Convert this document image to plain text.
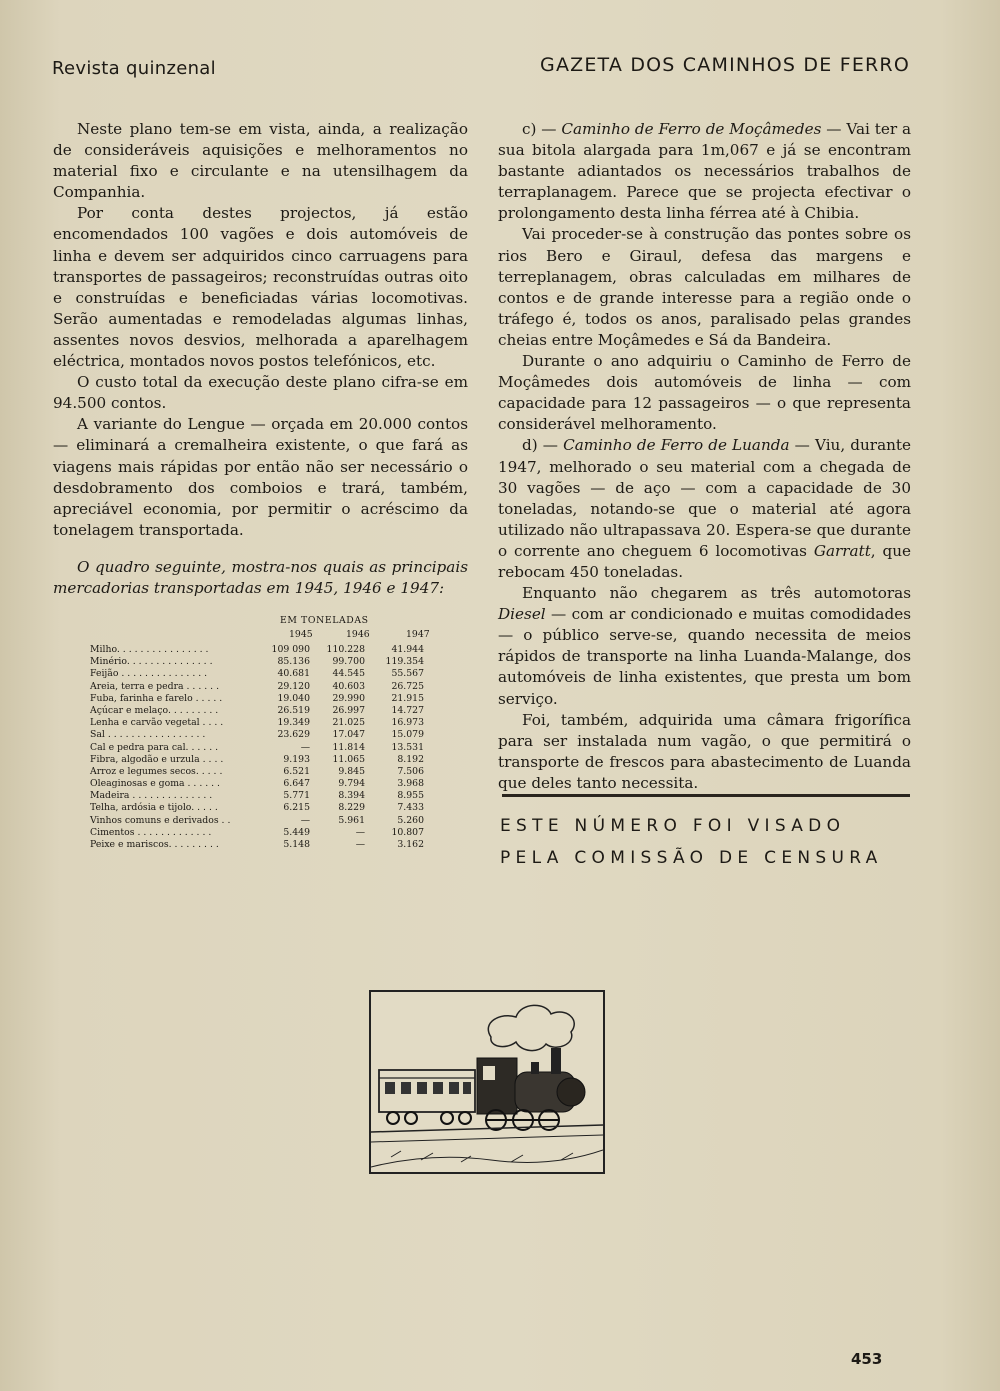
Revista quinzenal	GAZETA DOS CAMINHOS DE FERRO

Neste plano tem-se em vista, ainda, a realização de consideráveis aquisições e melhoramentos no material fixo e circulante e na utensilhagem da Companhia.

Por conta destes projectos, já estão encomendados 100 vagões e dois automóveis de linha e devem ser adquiridos cinco carruagens para transportes de passageiros; reconstruídas outras oito e construídas e beneficiadas várias locomotivas. Serão aumentadas e remodeladas algumas linhas, assentes novos desvios, melhorada a aparelhagem eléctrica, montados novos postos telefónicos, etc.

O custo total da execução deste plano cifra-se em 94.500 contos.

A variante do Lengue — orçada em 20.000 contos — eliminará a cremalheira existente, o que fará as viagens mais rápidas por então não ser necessário o desdobramento dos comboios e trará, também, apreciável economia, por permitir o acréscimo da tonelagem transportada.

O quadro seguinte, mostra-nos quais as principais mercadorias transportadas em 1945, 1946 e 1947:

EM TONELADAS
1945	1946	1947
Milho. . . . . . . . . . . . . . . .	109 090	110.228	41.944
Minério. . . . . . . . . . . . . . .	85.136	99.700	119.354
Feijão . . . . . . . . . . . . . . .	40.681	44.545	55.567
Areia, terra e pedra . . . . . .	29.120	40.603	26.725
Fuba, farinha e farelo . . . . .	19.040	29.990	21.915
Açúcar e melaço. . . . . . . . .	26.519	26.997	14.727
Lenha e carvão vegetal . . . .	19.349	21.025	16.973
Sal . . . . . . . . . . . . . . . . .	23.629	17.047	15.079
Cal e pedra para cal. . . . . .	—	11.814	13.531
Fibra, algodão e urzula . . . .	9.193	11.065	8.192
Arroz e legumes secos. . . . .	6.521	9.845	7.506
Oleaginosas e goma . . . . . .	6.647	9.794	3.968
Madeira . . . . . . . . . . . . . .	5.771	8.394	8.955
Telha, ardósia e tijolo. . . . .	6.215	8.229	7.433
Vinhos comuns e derivados . .	—	5.961	5.260
Cimentos . . . . . . . . . . . . .	5.449	—	10.807
Peixe e mariscos. . . . . . . . .	5.148	—	3.162

c) — Caminho de Ferro de Moçâmedes — Vai ter a sua bitola alargada para 1m,067 e já se encontram bastante adiantados os necessários trabalhos de terraplanagem. Parece que se projecta efectivar o prolongamento desta linha férrea até à Chibia.

Vai proceder-se à construção das pontes sobre os rios Bero e Giraul, defesa das margens e terreplanagem, obras calculadas em milhares de contos e de grande interesse para a região onde o tráfego é, todos os anos, paralisado pelas grandes cheias entre Moçâmedes e Sá da Bandeira.

Durante o ano adquiriu o Caminho de Ferro de Moçâmedes dois automóveis de linha — com capacidade para 12 passageiros — o que representa considerável melhoramento.

d) — Caminho de Ferro de Luanda — Viu, durante 1947, melhorado o seu material com a chegada de 30 vagões — de aço — com a capacidade de 30 toneladas, notando-se que o material até agora utilizado não ultrapassava 20. Espera-se que durante o corrente ano cheguem 6 locomotivas Garratt, que rebocam 450 toneladas.

Enquanto não chegarem as três automotoras Diesel — com ar condicionado e muitas comodidades — o público serve-se, quando necessita de meios rápidos de transporte na linha Luanda-Malange, dos automóveis de linha existentes, que presta um bom serviço.

Foi, também, adquirida uma câmara frigorífica para ser instalada num vagão, o que permitirá o transporte de frescos para abastecimento de Luanda que deles tanto necessita.

ESTE NÚMERO FOI VISADO
PELA COMISSÃO DE CENSURA
453
